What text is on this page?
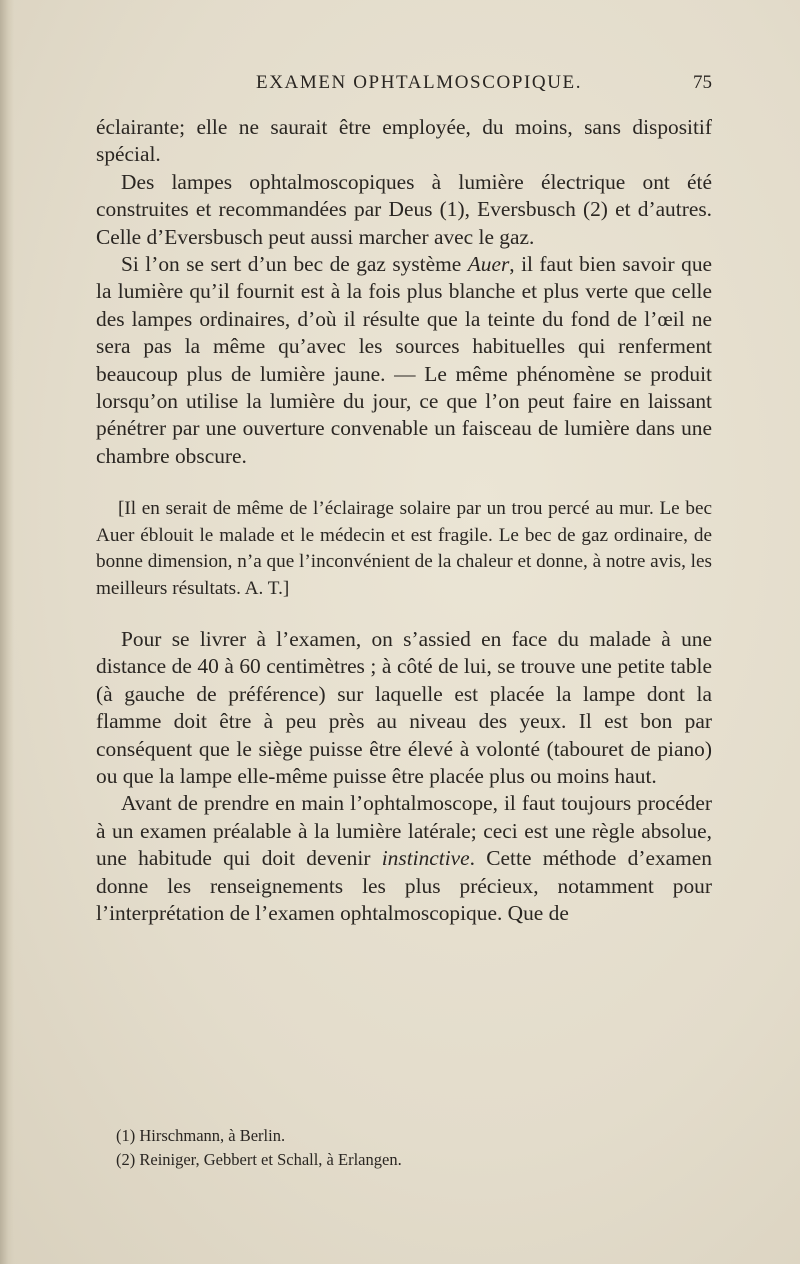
EXAMEN OPHTALMOSCOPIQUE.	75

éclairante; elle ne saurait être employée, du moins, sans dispositif spécial.

Des lampes ophtalmoscopiques à lumière électrique ont été construites et recommandées par Deus (1), Eversbusch (2) et d’autres. Celle d’Eversbusch peut aussi marcher avec le gaz.

Si l’on se sert d’un bec de gaz système Auer, il faut bien savoir que la lumière qu’il fournit est à la fois plus blanche et plus verte que celle des lampes ordinaires, d’où il résulte que la teinte du fond de l’œil ne sera pas la même qu’avec les sources habituelles qui renferment beaucoup plus de lumière jaune. — Le même phénomène se produit lorsqu’on utilise la lumière du jour, ce que l’on peut faire en laissant pénétrer par une ouverture convenable un faisceau de lumière dans une chambre obscure.

[Il en serait de même de l’éclairage solaire par un trou percé au mur. Le bec Auer éblouit le malade et le médecin et est fragile. Le bec de gaz ordinaire, de bonne dimension, n’a que l’inconvénient de la chaleur et donne, à notre avis, les meilleurs résultats. A. T.]

Pour se livrer à l’examen, on s’assied en face du malade à une distance de 40 à 60 centimètres ; à côté de lui, se trouve une petite table (à gauche de préférence) sur laquelle est placée la lampe dont la flamme doit être à peu près au niveau des yeux. Il est bon par conséquent que le siège puisse être élevé à volonté (tabouret de piano) ou que la lampe elle-même puisse être placée plus ou moins haut.

Avant de prendre en main l’ophtalmoscope, il faut toujours procéder à un examen préalable à la lumière latérale; ceci est une règle absolue, une habitude qui doit devenir instinctive. Cette méthode d’examen donne les renseignements les plus précieux, notamment pour l’interprétation de l’examen ophtalmoscopique. Que de

(1) Hirschmann, à Berlin.
(2) Reiniger, Gebbert et Schall, à Erlangen.
